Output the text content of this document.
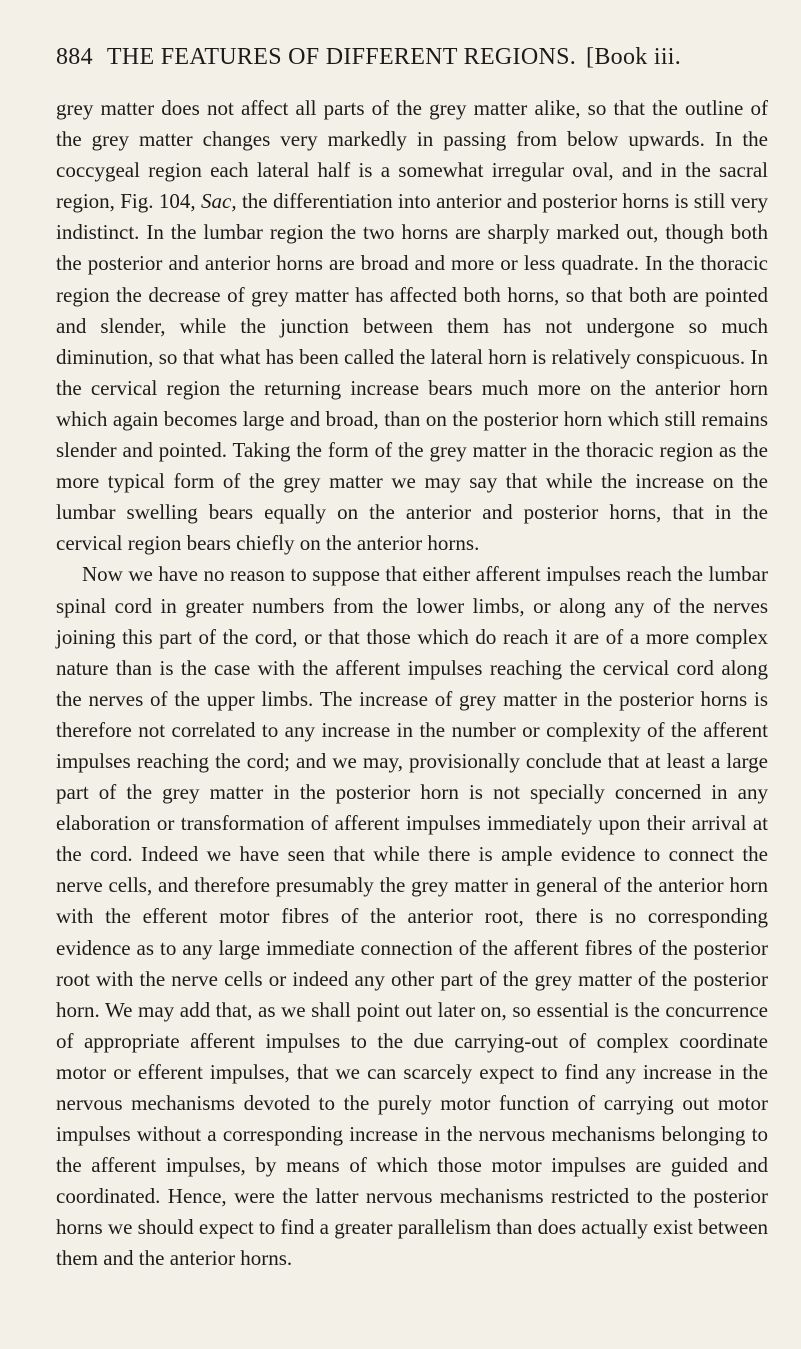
884 THE FEATURES OF DIFFERENT REGIONS. [Book iii.

grey matter does not affect all parts of the grey matter alike, so that the outline of the grey matter changes very markedly in passing from below upwards. In the coccygeal region each lateral half is a somewhat irregular oval, and in the sacral region, Fig. 104, Sac, the differentiation into anterior and posterior horns is still very indistinct. In the lumbar region the two horns are sharply marked out, though both the posterior and anterior horns are broad and more or less quadrate. In the thoracic region the decrease of grey matter has affected both horns, so that both are pointed and slender, while the junction between them has not undergone so much diminution, so that what has been called the lateral horn is relatively conspicuous. In the cervical region the returning increase bears much more on the anterior horn which again becomes large and broad, than on the posterior horn which still remains slender and pointed. Taking the form of the grey matter in the thoracic region as the more typical form of the grey matter we may say that while the increase on the lumbar swelling bears equally on the anterior and posterior horns, that in the cervical region bears chiefly on the anterior horns.

Now we have no reason to suppose that either afferent impulses reach the lumbar spinal cord in greater numbers from the lower limbs, or along any of the nerves joining this part of the cord, or that those which do reach it are of a more complex nature than is the case with the afferent impulses reaching the cervical cord along the nerves of the upper limbs. The increase of grey matter in the posterior horns is therefore not correlated to any increase in the number or complexity of the afferent impulses reaching the cord; and we may, provisionally conclude that at least a large part of the grey matter in the posterior horn is not specially concerned in any elaboration or transformation of afferent impulses immediately upon their arrival at the cord. Indeed we have seen that while there is ample evidence to connect the nerve cells, and therefore presumably the grey matter in general of the anterior horn with the efferent motor fibres of the anterior root, there is no corresponding evidence as to any large immediate connection of the afferent fibres of the posterior root with the nerve cells or indeed any other part of the grey matter of the posterior horn. We may add that, as we shall point out later on, so essential is the concurrence of appropriate afferent impulses to the due carrying-out of complex coordinate motor or efferent impulses, that we can scarcely expect to find any increase in the nervous mechanisms devoted to the purely motor function of carrying out motor impulses without a corresponding increase in the nervous mechanisms belonging to the afferent impulses, by means of which those motor impulses are guided and coordinated. Hence, were the latter nervous mechanisms restricted to the posterior horns we should expect to find a greater parallelism than does actually exist between them and the anterior horns.
